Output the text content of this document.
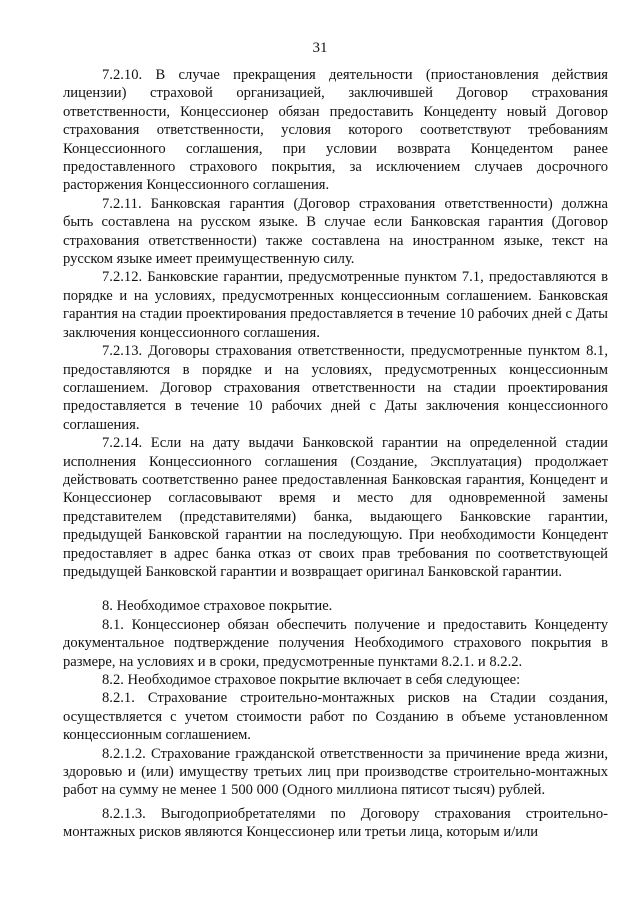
31

7.2.10. В случае прекращения деятельности (приостановления действия лицензии) страховой организацией, заключившей Договор страхования ответственности, Концессионер обязан предоставить Концеденту новый Договор страхования ответственности, условия которого соответствуют требованиям Концессионного соглашения, при условии возврата Концедентом ранее предоставленного страхового покрытия, за исключением случаев досрочного расторжения Концессионного соглашения.

7.2.11. Банковская гарантия (Договор страхования ответственности) должна быть составлена на русском языке. В случае если Банковская гарантия (Договор страхования ответственности) также составлена на иностранном языке, текст на русском языке имеет преимущественную силу.

7.2.12. Банковские гарантии, предусмотренные пунктом 7.1, предоставляются в порядке и на условиях, предусмотренных концессионным соглашением. Банковская гарантия на стадии проектирования предоставляется в течение 10 рабочих дней с Даты заключения концессионного соглашения.

7.2.13. Договоры страхования ответственности, предусмотренные пунктом 8.1, предоставляются в порядке и на условиях, предусмотренных концессионным соглашением. Договор страхования ответственности на стадии проектирования предоставляется в течение 10 рабочих дней с Даты заключения концессионного соглашения.

7.2.14. Если на дату выдачи Банковской гарантии на определенной стадии исполнения Концессионного соглашения (Создание, Эксплуатация) продолжает действовать соответственно ранее предоставленная Банковская гарантия, Концедент и Концессионер согласовывают время и место для одновременной замены представителем (представителями) банка, выдающего Банковские гарантии, предыдущей Банковской гарантии на последующую. При необходимости Концедент предоставляет в адрес банка отказ от своих прав требования по соответствующей предыдущей Банковской гарантии и возвращает оригинал Банковской гарантии.

8. Необходимое страховое покрытие.

8.1. Концессионер обязан обеспечить получение и предоставить Концеденту документальное подтверждение получения Необходимого страхового покрытия в размере, на условиях и в сроки, предусмотренные пунктами 8.2.1. и 8.2.2.

8.2. Необходимое страховое покрытие включает в себя следующее:

8.2.1. Страхование строительно-монтажных рисков на Стадии создания, осуществляется с учетом стоимости работ по Созданию в объеме установленном концессионным соглашением.

8.2.1.2. Страхование гражданской ответственности за причинение вреда жизни, здоровью и (или) имуществу третьих лиц при производстве строительно-монтажных работ на сумму не менее 1 500 000 (Одного миллиона пятисот тысяч) рублей.

8.2.1.3. Выгодоприобретателями по Договору страхования строительно-монтажных рисков являются Концессионер или третьи лица, которым и/или
